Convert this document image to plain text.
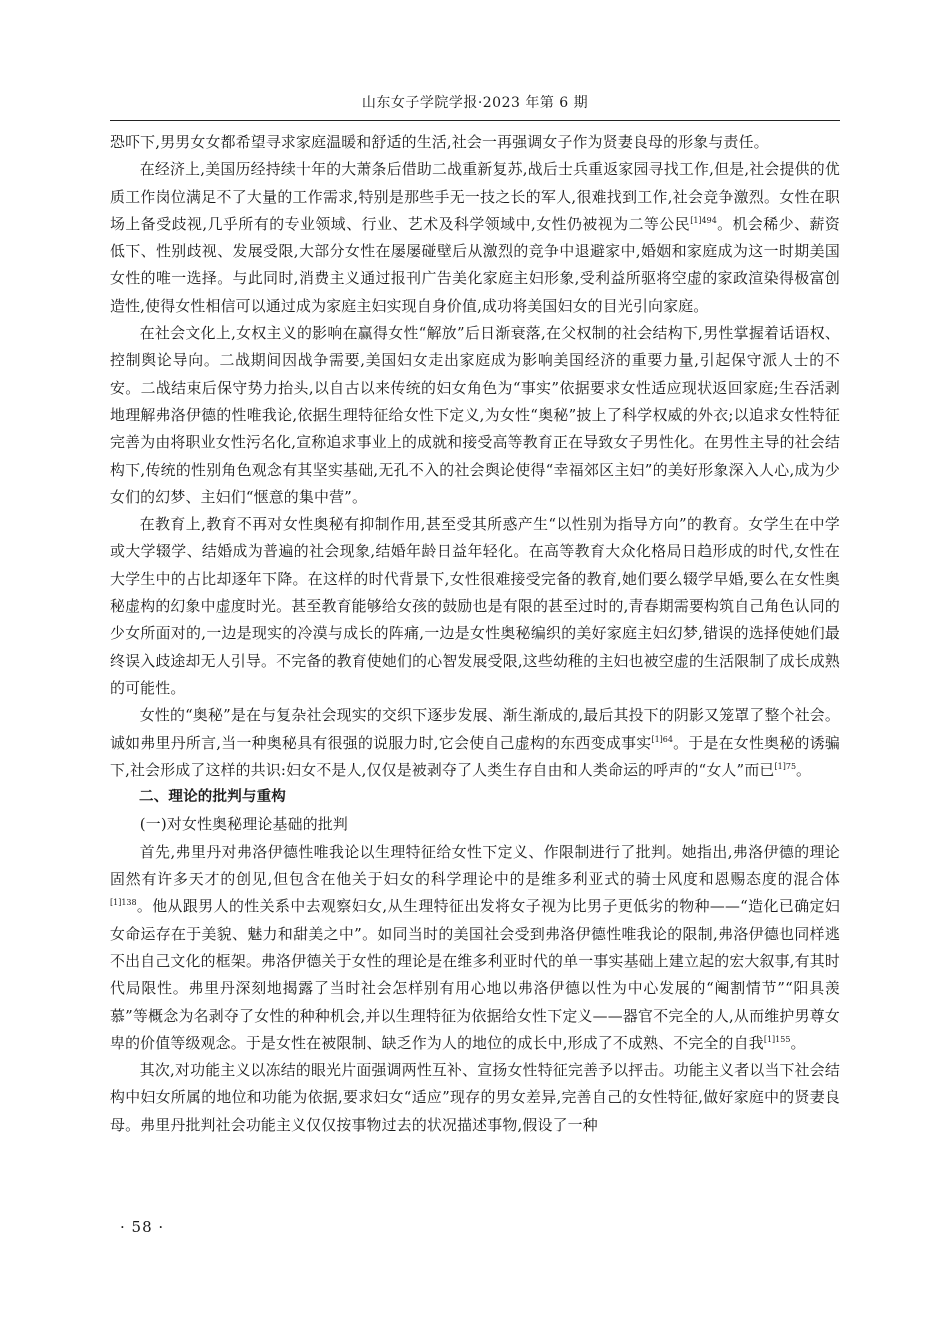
山东女子学院学报·2023 年第 6 期

恐吓下,男男女女都希望寻求家庭温暖和舒适的生活,社会一再强调女子作为贤妻良母的形象与责任。

在经济上,美国历经持续十年的大萧条后借助二战重新复苏,战后士兵重返家园寻找工作,但是,社会提供的优质工作岗位满足不了大量的工作需求,特别是那些手无一技之长的军人,很难找到工作,社会竞争激烈。女性在职场上备受歧视,几乎所有的专业领域、行业、艺术及科学领域中,女性仍被视为二等公民$^{[1]494}$。机会稀少、薪资低下、性别歧视、发展受限,大部分女性在屡屡碰壁后从激烈的竞争中退避家中,婚姻和家庭成为这一时期美国女性的唯一选择。与此同时,消费主义通过报刊广告美化家庭主妇形象,受利益所驱将空虚的家政渲染得极富创造性,使得女性相信可以通过成为家庭主妇实现自身价值,成功将美国妇女的目光引向家庭。

在社会文化上,女权主义的影响在赢得女性“解放”后日渐衰落,在父权制的社会结构下,男性掌握着话语权、控制舆论导向。二战期间因战争需要,美国妇女走出家庭成为影响美国经济的重要力量,引起保守派人士的不安。二战结束后保守势力抬头,以自古以来传统的妇女角色为“事实”依据要求女性适应现状返回家庭;生吞活剥地理解弗洛伊德的性唯我论,依据生理特征给女性下定义,为女性“奥秘”披上了科学权威的外衣;以追求女性特征完善为由将职业女性污名化,宣称追求事业上的成就和接受高等教育正在导致女子男性化。在男性主导的社会结构下,传统的性别角色观念有其坚实基础,无孔不入的社会舆论使得“幸福郊区主妇”的美好形象深入人心,成为少女们的幻梦、主妇们“惬意的集中营”。

在教育上,教育不再对女性奥秘有抑制作用,甚至受其所惑产生“以性别为指导方向”的教育。女学生在中学或大学辍学、结婚成为普遍的社会现象,结婚年龄日益年轻化。在高等教育大众化格局日趋形成的时代,女性在大学生中的占比却逐年下降。在这样的时代背景下,女性很难接受完备的教育,她们要么辍学早婚,要么在女性奥秘虚构的幻象中虚度时光。甚至教育能够给女孩的鼓励也是有限的甚至过时的,青春期需要构筑自己角色认同的少女所面对的,一边是现实的冷漠与成长的阵痛,一边是女性奥秘编织的美好家庭主妇幻梦,错误的选择使她们最终误入歧途却无人引导。不完备的教育使她们的心智发展受限,这些幼稚的主妇也被空虚的生活限制了成长成熟的可能性。

女性的“奥秘”是在与复杂社会现实的交织下逐步发展、渐生渐成的,最后其投下的阴影又笼罩了整个社会。诚如弗里丹所言,当一种奥秘具有很强的说服力时,它会使自己虚构的东西变成事实$^{[1]64}$。于是在女性奥秘的诱骗下,社会形成了这样的共识:妇女不是人,仅仅是被剥夺了人类生存自由和人类命运的呼声的“女人”而已$^{[1]75}$。

二、理论的批判与重构

(一)对女性奥秘理论基础的批判

首先,弗里丹对弗洛伊德性唯我论以生理特征给女性下定义、作限制进行了批判。她指出,弗洛伊德的理论固然有许多天才的创见,但包含在他关于妇女的科学理论中的是维多利亚式的骑士风度和恩赐态度的混合体$^{[1]138}$。他从跟男人的性关系中去观察妇女,从生理特征出发将女子视为比男子更低劣的物种——“造化已确定妇女命运存在于美貌、魅力和甜美之中”。如同当时的美国社会受到弗洛伊德性唯我论的限制,弗洛伊德也同样逃不出自己文化的框架。弗洛伊德关于女性的理论是在维多利亚时代的单一事实基础上建立起的宏大叙事,有其时代局限性。弗里丹深刻地揭露了当时社会怎样别有用心地以弗洛伊德以性为中心发展的“阉割情节”“阳具羡慕”等概念为名剥夺了女性的种种机会,并以生理特征为依据给女性下定义——器官不完全的人,从而维护男尊女卑的价值等级观念。于是女性在被限制、缺乏作为人的地位的成长中,形成了不成熟、不完全的自我$^{[1]155}$。

其次,对功能主义以冻结的眼光片面强调两性互补、宣扬女性特征完善予以抨击。功能主义者以当下社会结构中妇女所属的地位和功能为依据,要求妇女“适应”现存的男女差异,完善自己的女性特征,做好家庭中的贤妻良母。弗里丹批判社会功能主义仅仅按事物过去的状况描述事物,假设了一种

· 58 ·
